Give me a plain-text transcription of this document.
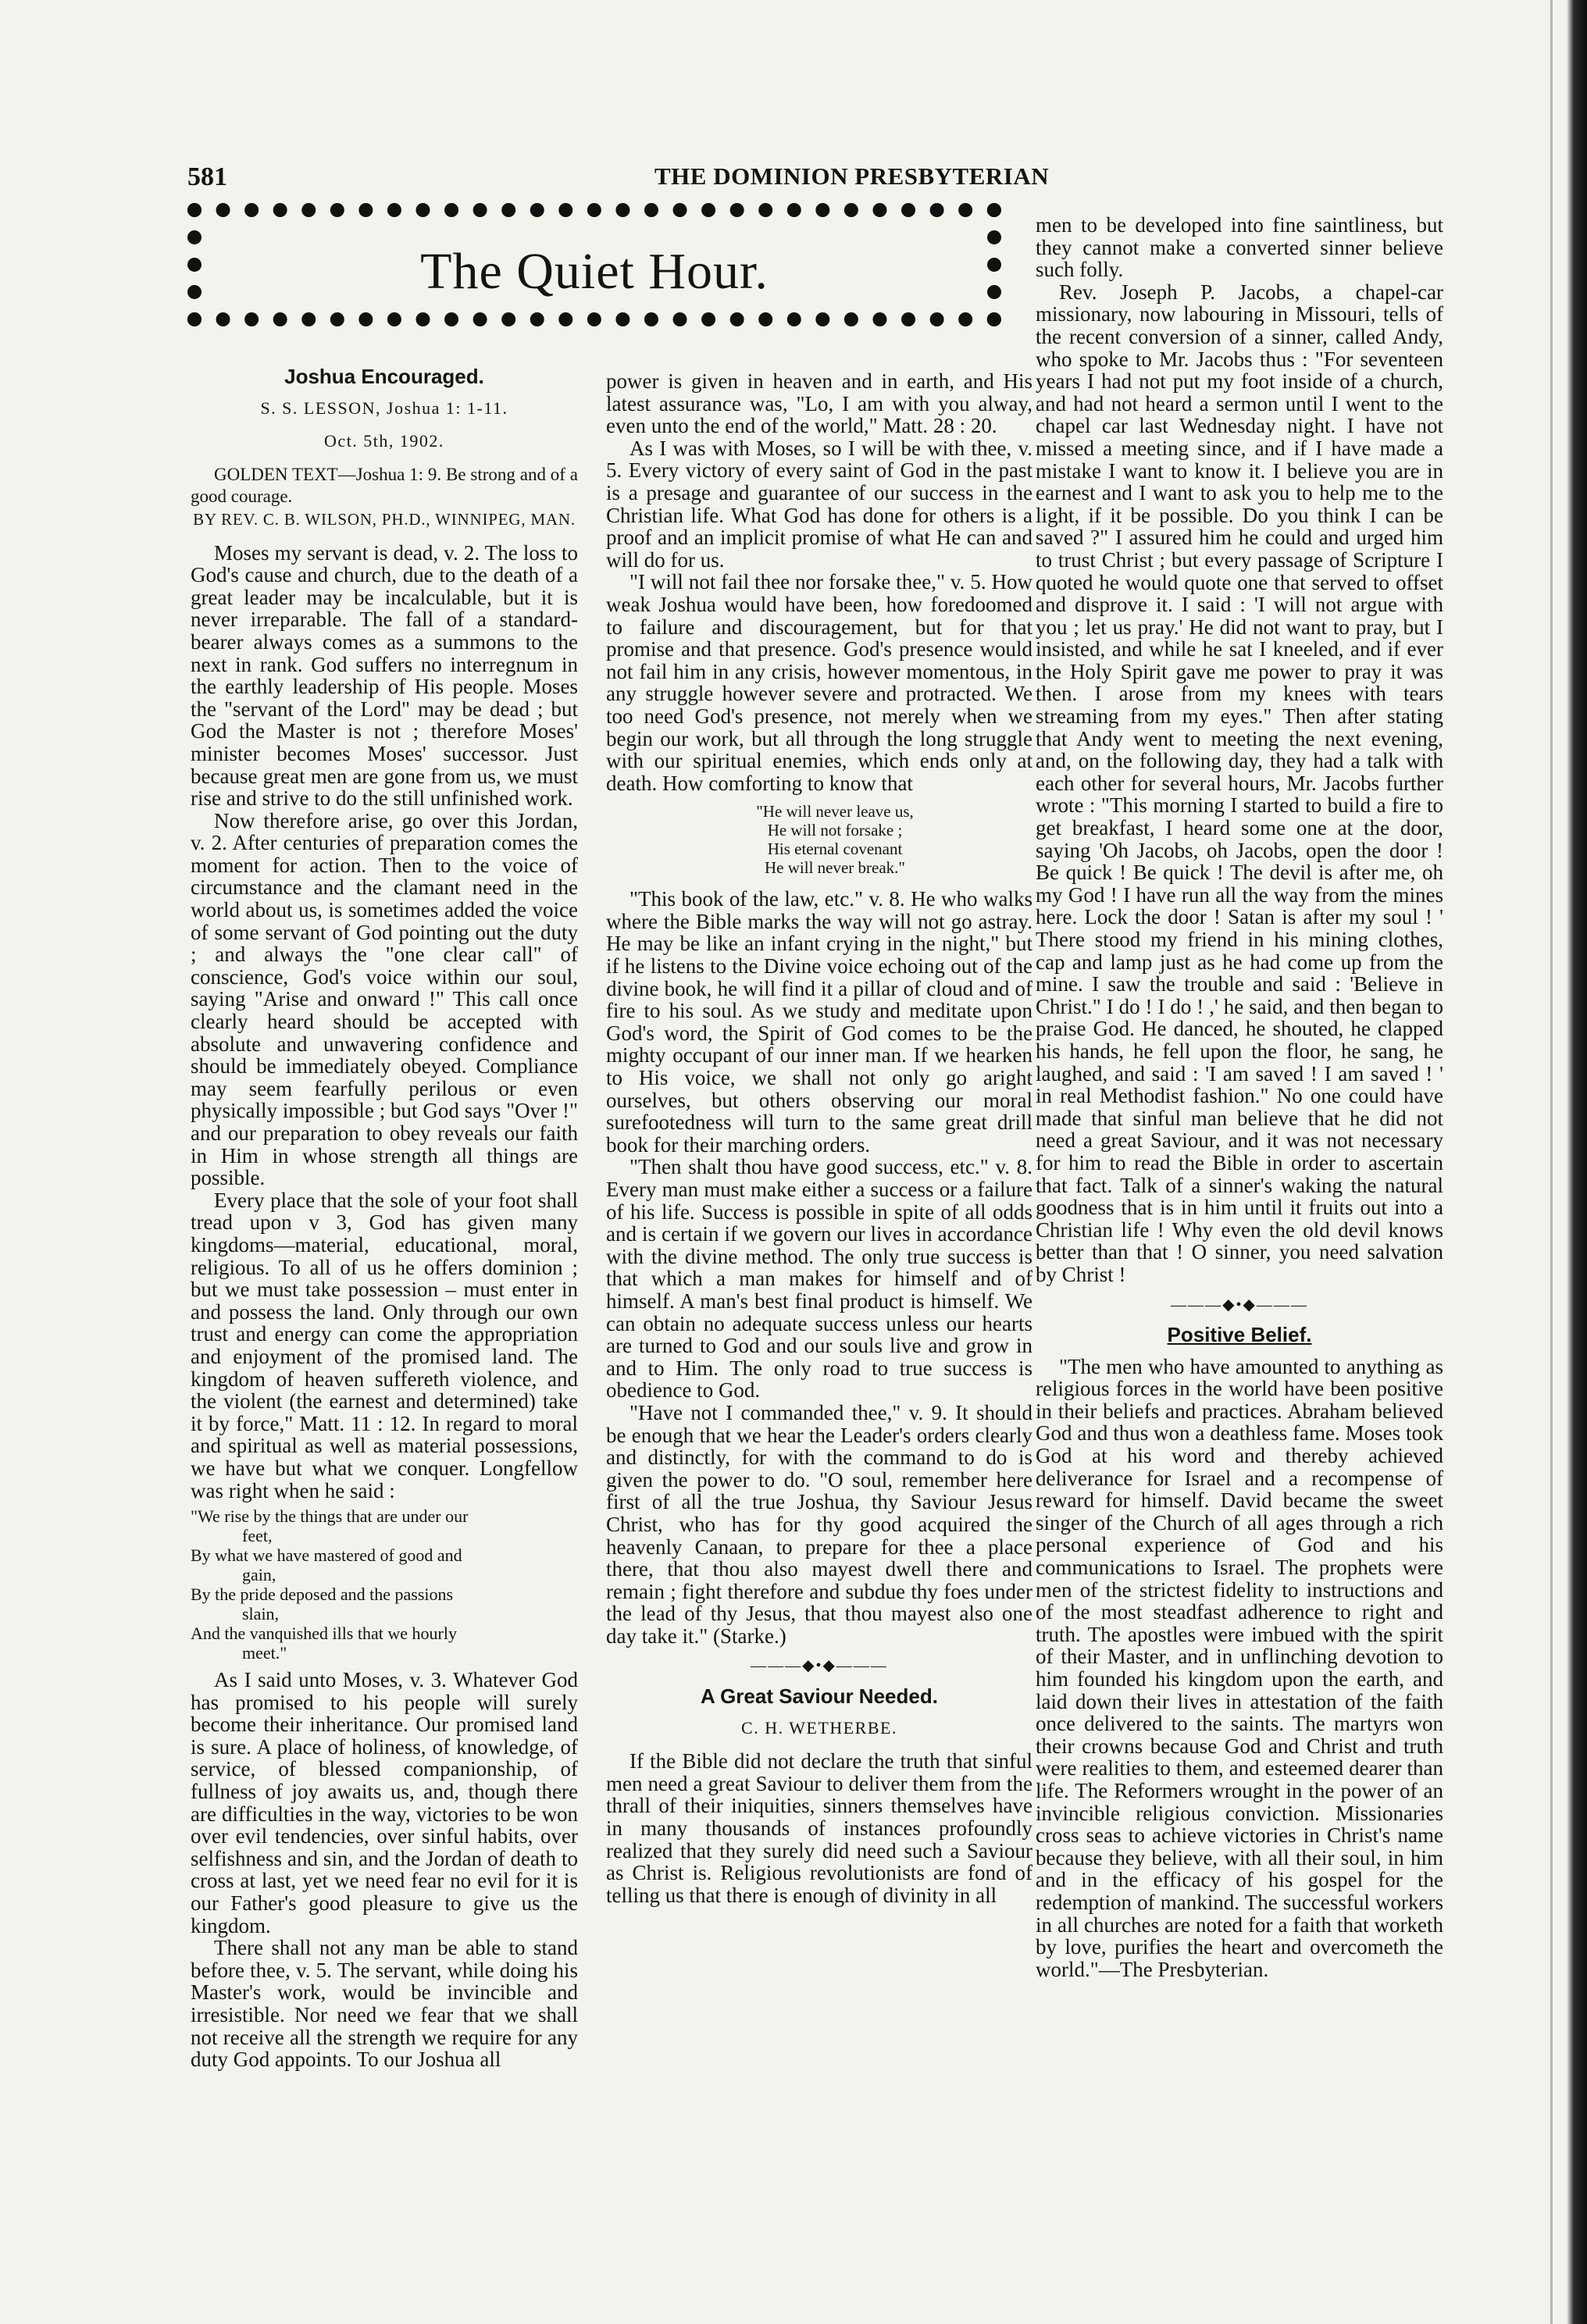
581	THE DOMINION PRESBYTERIAN
The Quiet Hour.
Joshua Encouraged.
S. S. LESSON, Joshua 1: 1-11.
Oct. 5th, 1902.

GOLDEN TEXT—Joshua 1: 9. Be strong and of a good courage.

BY REV. C. B. WILSON, PH.D., WINNIPEG, MAN.

Moses my servant is dead, v. 2. The loss to God's cause and church, due to the death of a great leader may be incalculable, but it is never irreparable. The fall of a standard-bearer always comes as a summons to the next in rank. God suffers no interregnum in the earthly leadership of His people. Moses the "servant of the Lord" may be dead ; but God the Master is not ; therefore Moses' minister becomes Moses' successor. Just because great men are gone from us, we must rise and strive to do the still unfinished work.

Now therefore arise, go over this Jordan, v. 2. After centuries of preparation comes the moment for action. Then to the voice of circumstance and the clamant need in the world about us, is sometimes added the voice of some servant of God pointing out the duty ; and always the "one clear call" of conscience, God's voice within our soul, saying "Arise and onward !" This call once clearly heard should be accepted with absolute and unwavering confidence and should be immediately obeyed. Compliance may seem fearfully perilous or even physically impossible ; but God says "Over !" and our preparation to obey reveals our faith in Him in whose strength all things are possible.

Every place that the sole of your foot shall tread upon v 3, God has given many kingdoms—material, educational, moral, religious. To all of us he offers dominion ; but we must take possession – must enter in and possess the land. Only through our own trust and energy can come the appropriation and enjoyment of the promised land. The kingdom of heaven suffereth violence, and the violent (the earnest and determined) take it by force," Matt. 11 : 12. In regard to moral and spiritual as well as material possessions, we have but what we conquer. Longfellow was right when he said :

"We rise by the things that are under our
feet,
By what we have mastered of good and
gain,
By the pride deposed and the passions
slain,
And the vanquished ills that we hourly
meet."

As I said unto Moses, v. 3. Whatever God has promised to his people will surely become their inheritance. Our promised land is sure. A place of holiness, of knowledge, of service, of blessed companionship, of fullness of joy awaits us, and, though there are difficulties in the way, victories to be won over evil tendencies, over sinful habits, over selfishness and sin, and the Jordan of death to cross at last, yet we need fear no evil for it is our Father's good pleasure to give us the kingdom.

There shall not any man be able to stand before thee, v. 5. The servant, while doing his Master's work, would be invincible and irresistible. Nor need we fear that we shall not receive all the strength we require for any duty God appoints. To our Joshua all

power is given in heaven and in earth, and His latest assurance was, "Lo, I am with you alway, even unto the end of the world," Matt. 28 : 20.

As I was with Moses, so I will be with thee, v. 5. Every victory of every saint of God in the past is a presage and guarantee of our success in the Christian life. What God has done for others is a proof and an implicit promise of what He can and will do for us.

"I will not fail thee nor forsake thee," v. 5. How weak Joshua would have been, how foredoomed to failure and discouragement, but for that promise and that presence. God's presence would not fail him in any crisis, however momentous, in any struggle however severe and protracted. We too need God's presence, not merely when we begin our work, but all through the long struggle with our spiritual enemies, which ends only at death. How comforting to know that

"He will never leave us,
He will not forsake ;
His eternal covenant
He will never break."

"This book of the law, etc." v. 8. He who walks where the Bible marks the way will not go astray. He may be like an infant crying in the night," but if he listens to the Divine voice echoing out of the divine book, he will find it a pillar of cloud and of fire to his soul. As we study and meditate upon God's word, the Spirit of God comes to be the mighty occupant of our inner man. If we hearken to His voice, we shall not only go aright ourselves, but others observing our moral surefootedness will turn to the same great drill book for their marching orders.

"Then shalt thou have good success, etc." v. 8. Every man must make either a success or a failure of his life. Success is possible in spite of all odds and is certain if we govern our lives in accordance with the divine method. The only true success is that which a man makes for himself and of himself. A man's best final product is himself. We can obtain no adequate success unless our hearts are turned to God and our souls live and grow in and to Him. The only road to true success is obedience to God.

"Have not I commanded thee," v. 9. It should be enough that we hear the Leader's orders clearly and distinctly, for with the command to do is given the power to do. "O soul, remember here first of all the true Joshua, thy Saviour Jesus Christ, who has for thy good acquired the heavenly Canaan, to prepare for thee a place there, that thou also mayest dwell there and remain ; fight therefore and subdue thy foes under the lead of thy Jesus, that thou mayest also one day take it." (Starke.)

———◆•◆———
A Great Saviour Needed.
C. H. WETHERBE.

If the Bible did not declare the truth that sinful men need a great Saviour to deliver them from the thrall of their iniquities, sinners themselves have in many thousands of instances profoundly realized that they surely did need such a Saviour as Christ is. Religious revolutionists are fond of telling us that there is enough of divinity in all

men to be developed into fine saintliness, but they cannot make a converted sinner believe such folly.

Rev. Joseph P. Jacobs, a chapel-car missionary, now labouring in Missouri, tells of the recent conversion of a sinner, called Andy, who spoke to Mr. Jacobs thus : "For seventeen years I had not put my foot inside of a church, and had not heard a sermon until I went to the chapel car last Wednesday night. I have not missed a meeting since, and if I have made a mistake I want to know it. I believe you are in earnest and I want to ask you to help me to the light, if it be possible. Do you think I can be saved ?" I assured him he could and urged him to trust Christ ; but every passage of Scripture I quoted he would quote one that served to offset and disprove it. I said : 'I will not argue with you ; let us pray.' He did not want to pray, but I insisted, and while he sat I kneeled, and if ever the Holy Spirit gave me power to pray it was then. I arose from my knees with tears streaming from my eyes." Then after stating that Andy went to meeting the next evening, and, on the following day, they had a talk with each other for several hours, Mr. Jacobs further wrote : "This morning I started to build a fire to get breakfast, I heard some one at the door, saying 'Oh Jacobs, oh Jacobs, open the door ! Be quick ! Be quick ! The devil is after me, oh my God ! I have run all the way from the mines here. Lock the door ! Satan is after my soul ! ' There stood my friend in his mining clothes, cap and lamp just as he had come up from the mine. I saw the trouble and said : 'Believe in Christ." I do ! I do ! ,' he said, and then began to praise God. He danced, he shouted, he clapped his hands, he fell upon the floor, he sang, he laughed, and said : 'I am saved ! I am saved ! ' in real Methodist fashion." No one could have made that sinful man believe that he did not need a great Saviour, and it was not necessary for him to read the Bible in order to ascertain that fact. Talk of a sinner's waking the natural goodness that is in him until it fruits out into a Christian life ! Why even the old devil knows better than that ! O sinner, you need salvation by Christ !

———◆•◆———
Positive Belief.

"The men who have amounted to anything as religious forces in the world have been positive in their beliefs and practices. Abraham believed God and thus won a deathless fame. Moses took God at his word and thereby achieved deliverance for Israel and a recompense of reward for himself. David became the sweet singer of the Church of all ages through a rich personal experience of God and his communications to Israel. The prophets were men of the strictest fidelity to instructions and of the most steadfast adherence to right and truth. The apostles were imbued with the spirit of their Master, and in unflinching devotion to him founded his kingdom upon the earth, and laid down their lives in attestation of the faith once delivered to the saints. The martyrs won their crowns because God and Christ and truth were realities to them, and esteemed dearer than life. The Reformers wrought in the power of an invincible religious conviction. Missionaries cross seas to achieve victories in Christ's name because they believe, with all their soul, in him and in the efficacy of his gospel for the redemption of mankind. The successful workers in all churches are noted for a faith that worketh by love, purifies the heart and overcometh the world."—The Presbyterian.
